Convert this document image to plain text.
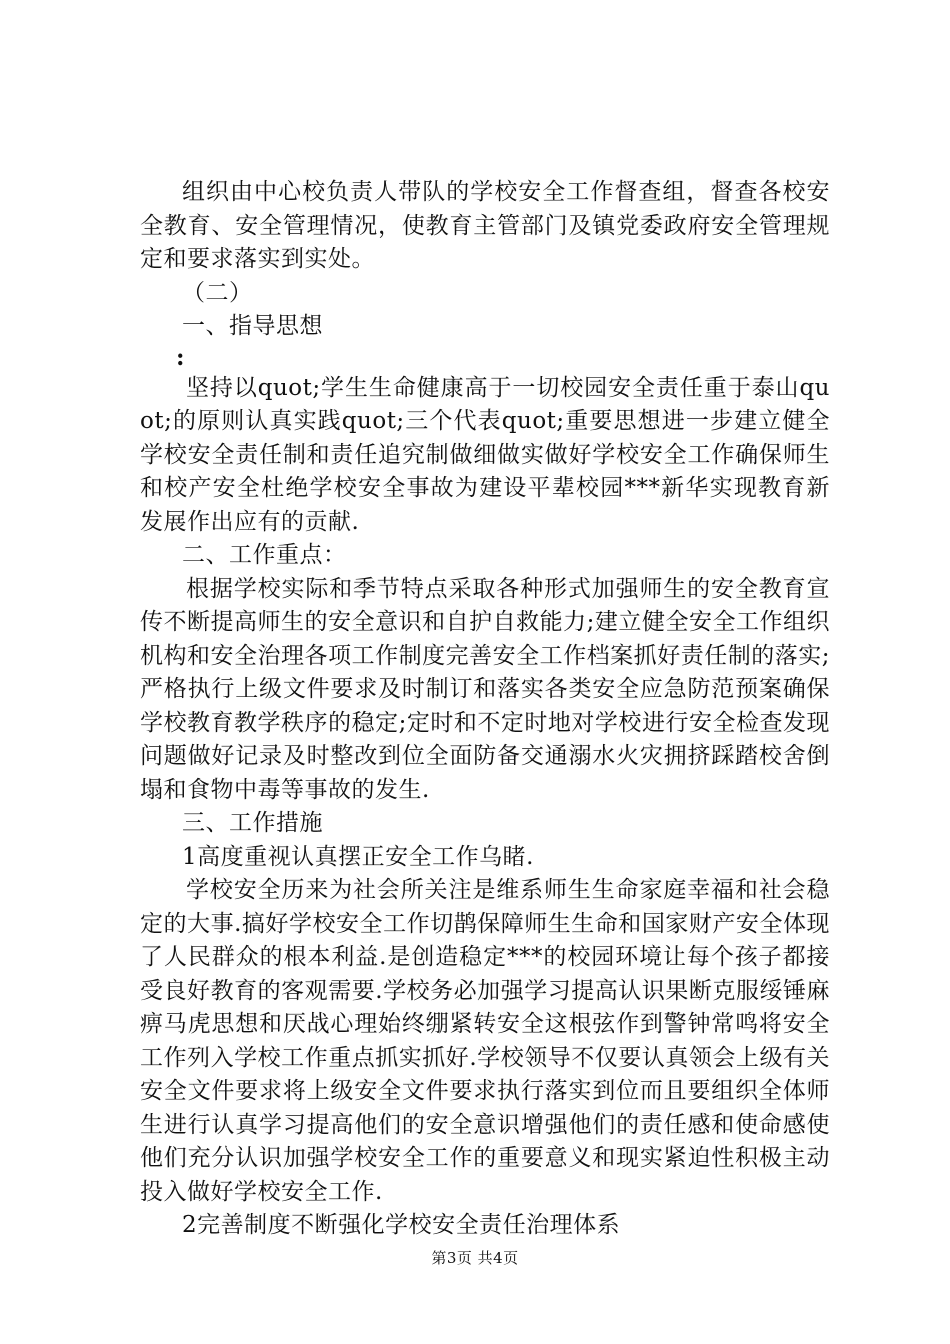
组织由中心校负责人带队的学校安全工作督查组，督查各校安全教育、安全管理情况，使教育主管部门及镇党委政府安全管理规定和要求落实到实处。

（二）

一、指导思想

:

坚持以quot;学生生命健康高于一切校园安全责任重于泰山quot;的原则认真实践quot;三个代表quot;重要思想进一步建立健全学校安全责任制和责任追究制做细做实做好学校安全工作确保师生和校产安全杜绝学校安全事故为建设平辈校园***新华实现教育新发展作出应有的贡献.

二、工作重点：

根据学校实际和季节特点采取各种形式加强师生的安全教育宣传不断提高师生的安全意识和自护自救能力;建立健全安全工作组织机构和安全治理各项工作制度完善安全工作档案抓好责任制的落实;严格执行上级文件要求及时制订和落实各类安全应急防范预案确保学校教育教学秩序的稳定;定时和不定时地对学校进行安全检查发现问题做好记录及时整改到位全面防备交通溺水火灾拥挤踩踏校舍倒塌和食物中毒等事故的发生.

三、工作措施

1高度重视认真摆正安全工作乌睹.

学校安全历来为社会所关注是维系师生生命家庭幸福和社会稳定的大事.搞好学校安全工作切鹊保障师生生命和国家财产安全体现了人民群众的根本利益.是创造稳定***的校园环境让每个孩子都接受良好教育的客观需要.学校务必加强学习提高认识果断克服绥锤麻痹马虎思想和厌战心理始终绷紧转安全这根弦作到警钟常鸣将安全工作列入学校工作重点抓实抓好.学校领导不仅要认真领会上级有关安全文件要求将上级安全文件要求执行落实到位而且要组织全体师生进行认真学习提高他们的安全意识增强他们的责任感和使命感使他们充分认识加强学校安全工作的重要意义和现实紧迫性积极主动投入做好学校安全工作.

2完善制度不断强化学校安全责任治理体系

第3页 共4页
